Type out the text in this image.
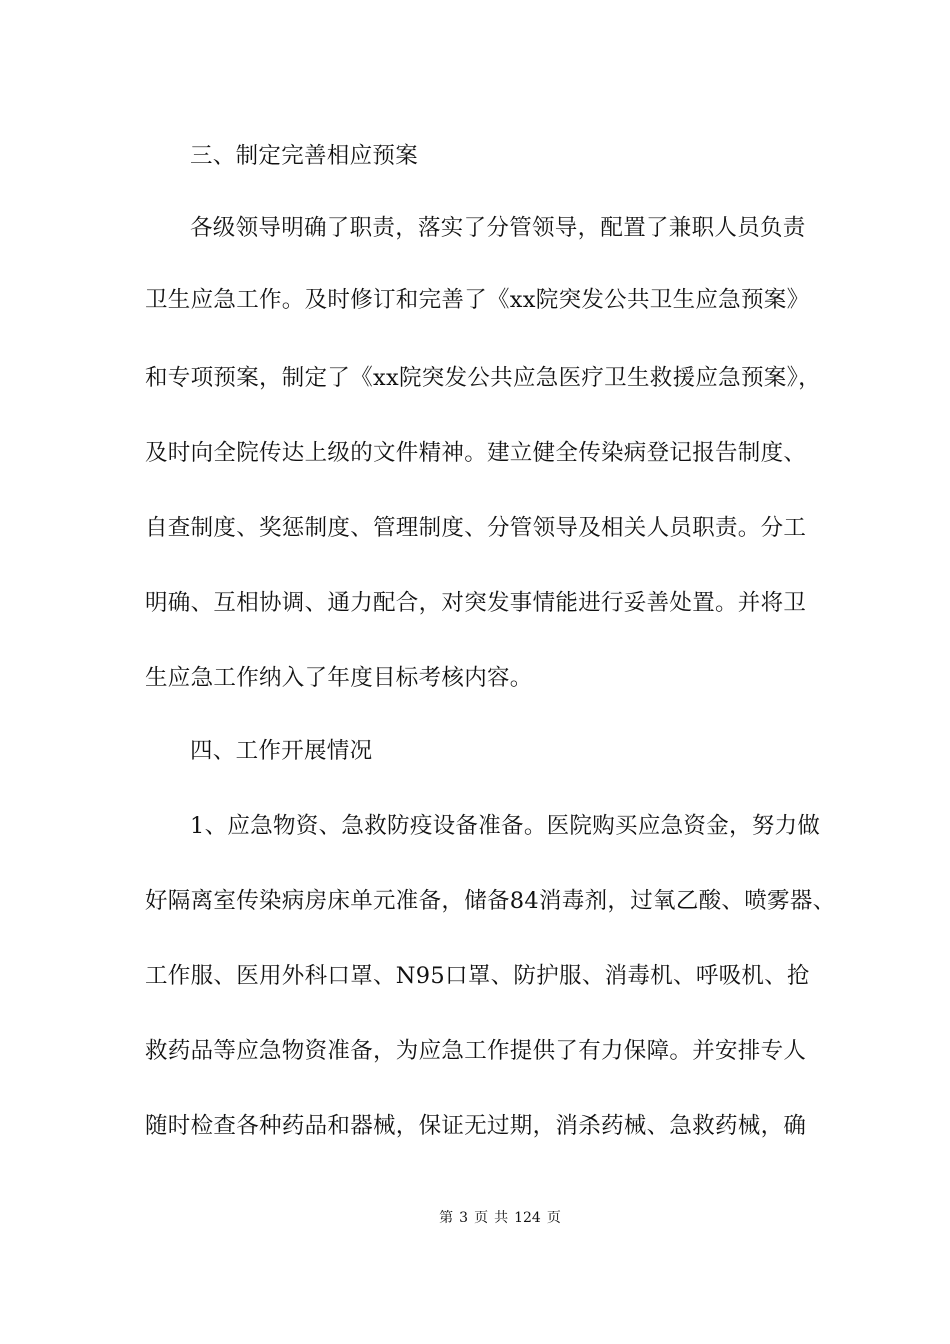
三、制定完善相应预案
各级领导明确了职责，落实了分管领导，配置了兼职人员负责
卫生应急工作。及时修订和完善了《xx院突发公共卫生应急预案》
和专项预案，制定了《xx院突发公共应急医疗卫生救援应急预案》，
及时向全院传达上级的文件精神。建立健全传染病登记报告制度、
自查制度、奖惩制度、管理制度、分管领导及相关人员职责。分工
明确、互相协调、通力配合，对突发事情能进行妥善处置。并将卫
生应急工作纳入了年度目标考核内容。
四、工作开展情况
1、应急物资、急救防疫设备准备。医院购买应急资金，努力做
好隔离室传染病房床单元准备，储备84消毒剂，过氧乙酸、喷雾器、
工作服、医用外科口罩、N95口罩、防护服、消毒机、呼吸机、抢
救药品等应急物资准备，为应急工作提供了有力保障。并安排专人
随时检查各种药品和器械，保证无过期，消杀药械、急救药械，确
第 3 页 共 124 页
